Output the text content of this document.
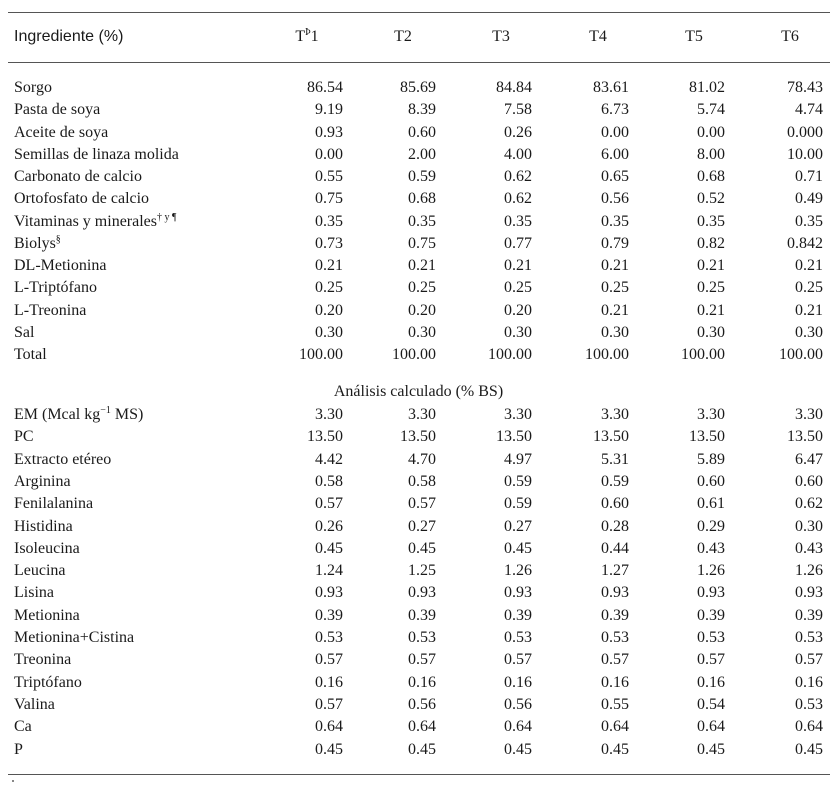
Ingrediente (%)	$T^Þ1$	T2	T3	T4	T5	T6
Sorgo	86.54	85.69	84.84	83.61	81.02	78.43
Pasta de soya	9.19	8.39	7.58	6.73	5.74	4.74
Aceite de soya	0.93	0.60	0.26	0.00	0.00	0.000
Semillas de linaza molida	0.00	2.00	4.00	6.00	8.00	10.00
Carbonato de calcio	0.55	0.59	0.62	0.65	0.68	0.71
Ortofosfato de calcio	0.75	0.68	0.62	0.56	0.52	0.49
Vitaminas y minerales$^{\dagger y \P}$	0.35	0.35	0.35	0.35	0.35	0.35
Biolys§	0.73	0.75	0.77	0.79	0.82	0.842
DL-Metionina	0.21	0.21	0.21	0.21	0.21	0.21
L-Triptófano	0.25	0.25	0.25	0.25	0.25	0.25
L-Treonina	0.20	0.20	0.20	0.21	0.21	0.21
Sal	0.30	0.30	0.30	0.30	0.30	0.30
Total	100.00	100.00	100.00	100.00	100.00	100.00
Análisis calculado (% BS)
EM (Mcal $kg^{-1}$ MS)	3.30	3.30	3.30	3.30	3.30	3.30
PC	13.50	13.50	13.50	13.50	13.50	13.50
Extracto etéreo	4.42	4.70	4.97	5.31	5.89	6.47
Arginina	0.58	0.58	0.59	0.59	0.60	0.60
Fenilalanina	0.57	0.57	0.59	0.60	0.61	0.62
Histidina	0.26	0.27	0.27	0.28	0.29	0.30
Isoleucina	0.45	0.45	0.45	0.44	0.43	0.43
Leucina	1.24	1.25	1.26	1.27	1.26	1.26
Lisina	0.93	0.93	0.93	0.93	0.93	0.93
Metionina	0.39	0.39	0.39	0.39	0.39	0.39
Metionina+Cistina	0.53	0.53	0.53	0.53	0.53	0.53
Treonina	0.57	0.57	0.57	0.57	0.57	0.57
Triptófano	0.16	0.16	0.16	0.16	0.16	0.16
Valina	0.57	0.56	0.56	0.55	0.54	0.53
Ca	0.64	0.64	0.64	0.64	0.64	0.64
P	0.45	0.45	0.45	0.45	0.45	0.45
